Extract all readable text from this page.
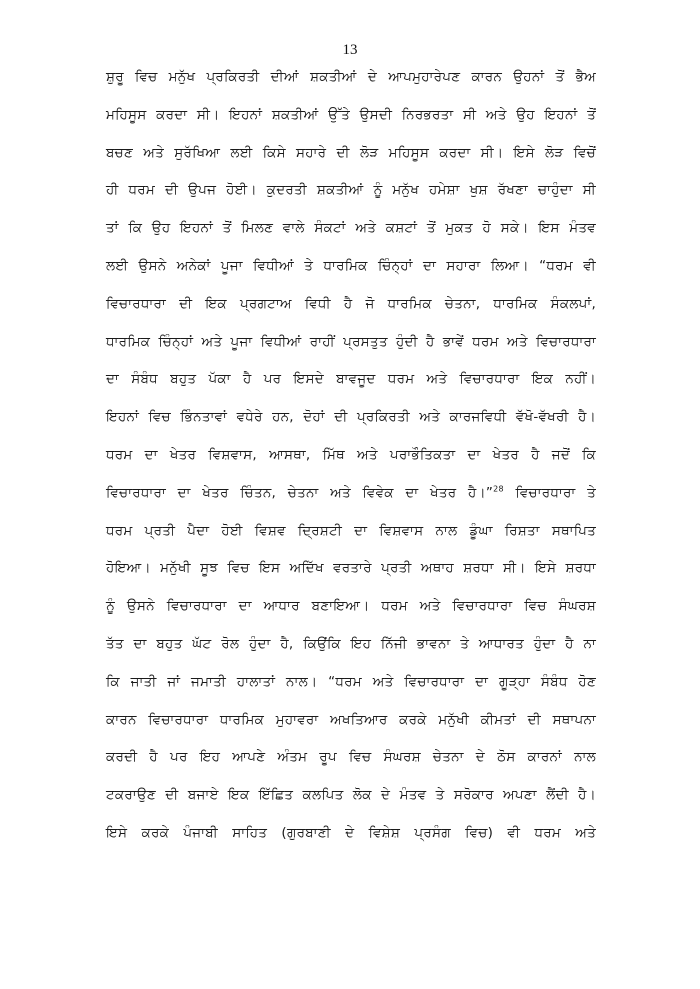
13
ਸ਼ੁਰੂ ਵਿਚ ਮਨੁੱਖ ਪ੍ਰਕਿਰਤੀ ਦੀਆਂ ਸ਼ਕਤੀਆਂ ਦੇ ਆਪਮੁਹਾਰੇਪਣ ਕਾਰਨ ਉਹਨਾਂ ਤੋਂ ਭੈਅ
ਮਹਿਸੂਸ ਕਰਦਾ ਸੀ। ਇਹਨਾਂ ਸ਼ਕਤੀਆਂ ਉੱਤੇ ਉਸਦੀ ਨਿਰਭਰਤਾ ਸੀ ਅਤੇ ਉਹ ਇਹਨਾਂ ਤੋਂ
ਬਚਣ ਅਤੇ ਸੁਰੱਖਿਆ ਲਈ ਕਿਸੇ ਸਹਾਰੇ ਦੀ ਲੋੜ ਮਹਿਸੂਸ ਕਰਦਾ ਸੀ। ਇਸੇ ਲੋੜ ਵਿਚੋਂ
ਹੀ ਧਰਮ ਦੀ ਉਪਜ ਹੋਈ। ਕੁਦਰਤੀ ਸ਼ਕਤੀਆਂ ਨੂੰ ਮਨੁੱਖ ਹਮੇਸ਼ਾ ਖੁਸ਼ ਰੱਖਣਾ ਚਾਹੁੰਦਾ ਸੀ
ਤਾਂ ਕਿ ਉਹ ਇਹਨਾਂ ਤੋਂ ਮਿਲਣ ਵਾਲੇ ਸੰਕਟਾਂ ਅਤੇ ਕਸ਼ਟਾਂ ਤੋਂ ਮੁਕਤ ਹੋ ਸਕੇ। ਇਸ ਮੰਤਵ
ਲਈ ਉਸਨੇ ਅਨੇਕਾਂ ਪੂਜਾ ਵਿਧੀਆਂ ਤੇ ਧਾਰਮਿਕ ਚਿੰਨ੍ਹਾਂ ਦਾ ਸਹਾਰਾ ਲਿਆ। “ਧਰਮ ਵੀ
ਵਿਚਾਰਧਾਰਾ ਦੀ ਇਕ ਪ੍ਰਗਟਾਅ ਵਿਧੀ ਹੈ ਜੋ ਧਾਰਮਿਕ ਚੇਤਨਾ, ਧਾਰਮਿਕ ਸੰਕਲਪਾਂ,
ਧਾਰਮਿਕ ਚਿੰਨ੍ਹਾਂ ਅਤੇ ਪੂਜਾ ਵਿਧੀਆਂ ਰਾਹੀਂ ਪ੍ਰਸਤੁਤ ਹੁੰਦੀ ਹੈ ਭਾਵੇਂ ਧਰਮ ਅਤੇ ਵਿਚਾਰਧਾਰਾ
ਦਾ ਸੰਬੰਧ ਬਹੁਤ ਪੱਕਾ ਹੈ ਪਰ ਇਸਦੇ ਬਾਵਜੂਦ ਧਰਮ ਅਤੇ ਵਿਚਾਰਧਾਰਾ ਇਕ ਨਹੀਂ।
ਇਹਨਾਂ ਵਿਚ ਭਿੰਨਤਾਵਾਂ ਵਧੇਰੇ ਹਨ, ਦੋਹਾਂ ਦੀ ਪ੍ਰਕਿਰਤੀ ਅਤੇ ਕਾਰਜਵਿਧੀ ਵੱਖੋ-ਵੱਖਰੀ ਹੈ।
ਧਰਮ ਦਾ ਖੇਤਰ ਵਿਸ਼ਵਾਸ, ਆਸਥਾ, ਮਿੱਥ ਅਤੇ ਪਰਾਭੌਤਿਕਤਾ ਦਾ ਖੇਤਰ ਹੈ ਜਦੋਂ ਕਿ
ਵਿਚਾਰਧਾਰਾ ਦਾ ਖੇਤਰ ਚਿੰਤਨ, ਚੇਤਨਾ ਅਤੇ ਵਿਵੇਕ ਦਾ ਖੇਤਰ ਹੈ।”$^{28}$ ਵਿਚਾਰਧਾਰਾ ਤੇ
ਧਰਮ ਪ੍ਰਤੀ ਪੈਦਾ ਹੋਈ ਵਿਸ਼ਵ ਦ੍ਰਿਸ਼ਟੀ ਦਾ ਵਿਸ਼ਵਾਸ ਨਾਲ ਡੂੰਘਾ ਰਿਸ਼ਤਾ ਸਥਾਪਿਤ
ਹੋਇਆ। ਮਨੁੱਖੀ ਸੂਝ ਵਿਚ ਇਸ ਅਦਿੱਖ ਵਰਤਾਰੇ ਪ੍ਰਤੀ ਅਥਾਹ ਸ਼ਰਧਾ ਸੀ। ਇਸੇ ਸ਼ਰਧਾ
ਨੂੰ ਉਸਨੇ ਵਿਚਾਰਧਾਰਾ ਦਾ ਆਧਾਰ ਬਣਾਇਆ। ਧਰਮ ਅਤੇ ਵਿਚਾਰਧਾਰਾ ਵਿਚ ਸੰਘਰਸ਼
ਤੱਤ ਦਾ ਬਹੁਤ ਘੱਟ ਰੋਲ ਹੁੰਦਾ ਹੈ, ਕਿਉਂਕਿ ਇਹ ਨਿੱਜੀ ਭਾਵਨਾ ਤੇ ਆਧਾਰਤ ਹੁੰਦਾ ਹੈ ਨਾ
ਕਿ ਜਾਤੀ ਜਾਂ ਜਮਾਤੀ ਹਾਲਾਤਾਂ ਨਾਲ। “ਧਰਮ ਅਤੇ ਵਿਚਾਰਧਾਰਾ ਦਾ ਗੂੜ੍ਹਾ ਸੰਬੰਧ ਹੋਣ
ਕਾਰਨ ਵਿਚਾਰਧਾਰਾ ਧਾਰਮਿਕ ਮੁਹਾਵਰਾ ਅਖਤਿਆਰ ਕਰਕੇ ਮਨੁੱਖੀ ਕੀਮਤਾਂ ਦੀ ਸਥਾਪਨਾ
ਕਰਦੀ ਹੈ ਪਰ ਇਹ ਆਪਣੇ ਅੰਤਮ ਰੂਪ ਵਿਚ ਸੰਘਰਸ਼ ਚੇਤਨਾ ਦੇ ਠੋਸ ਕਾਰਨਾਂ ਨਾਲ
ਟਕਰਾਉਣ ਦੀ ਬਜਾਏ ਇਕ ਇੱਛਿਤ ਕਲਪਿਤ ਲੋਕ ਦੇ ਮੰਤਵ ਤੇ ਸਰੋਕਾਰ ਅਪਣਾ ਲੈਂਦੀ ਹੈ।
ਇਸੇ ਕਰਕੇ ਪੰਜਾਬੀ ਸਾਹਿਤ (ਗੁਰਬਾਣੀ ਦੇ ਵਿਸ਼ੇਸ਼ ਪ੍ਰਸੰਗ ਵਿਚ) ਵੀ ਧਰਮ ਅਤੇ
